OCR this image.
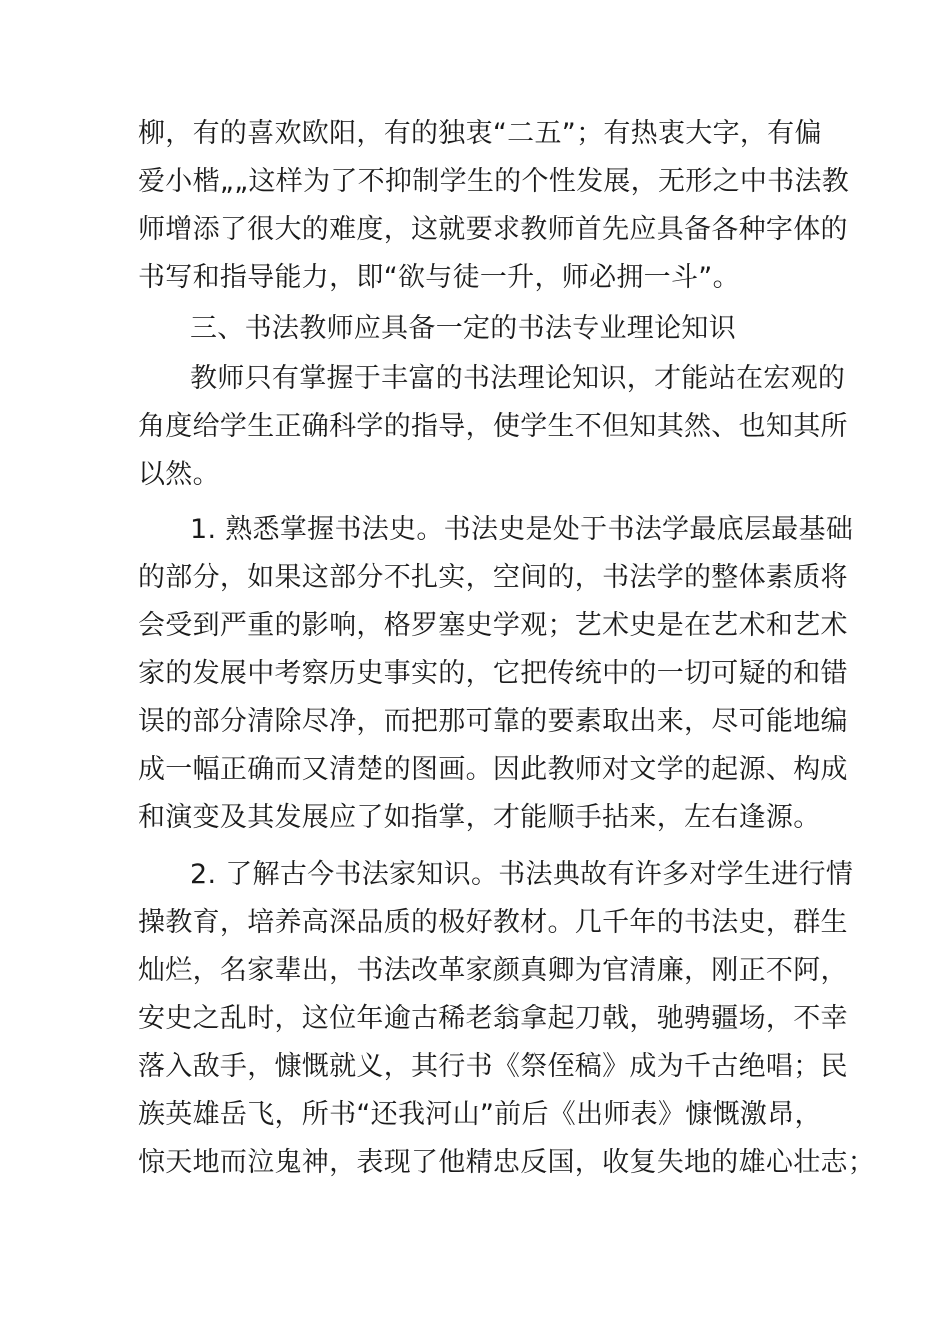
柳，有的喜欢欧阳，有的独衷“二五”；有热衷大字，有偏
爱小楷„„这样为了不抑制学生的个性发展，无形之中书法教
师增添了很大的难度，这就要求教师首先应具备各种字体的
书写和指导能力，即“欲与徒一升，师必拥一斗”。
三、书法教师应具备一定的书法专业理论知识
教师只有掌握于丰富的书法理论知识，才能站在宏观的
角度给学生正确科学的指导，使学生不但知其然、也知其所
以然。
1. 熟悉掌握书法史。书法史是处于书法学最底层最基础
的部分，如果这部分不扎实，空间的，书法学的整体素质将
会受到严重的影响，格罗塞史学观；艺术史是在艺术和艺术
家的发展中考察历史事实的，它把传统中的一切可疑的和错
误的部分清除尽净，而把那可靠的要素取出来，尽可能地编
成一幅正确而又清楚的图画。因此教师对文学的起源、构成
和演变及其发展应了如指掌，才能顺手拈来，左右逢源。
2. 了解古今书法家知识。书法典故有许多对学生进行情
操教育，培养高深品质的极好教材。几千年的书法史，群生
灿烂，名家辈出，书法改革家颜真卿为官清廉，刚正不阿，
安史之乱时，这位年逾古稀老翁拿起刀戟，驰骋疆场，不幸
落入敌手，慷慨就义，其行书《祭侄稿》成为千古绝唱；民
族英雄岳飞，所书“还我河山”前后《出师表》慷慨激昂，
惊天地而泣鬼神，表现了他精忠反国，收复失地的雄心壮志；
